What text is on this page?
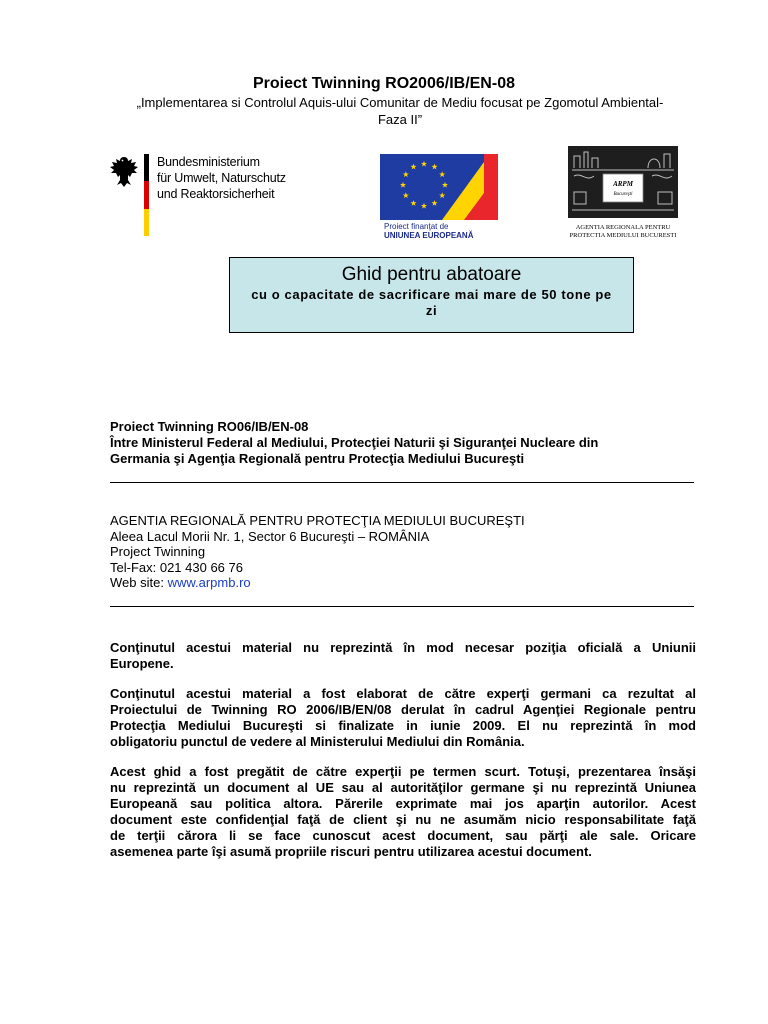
Proiect Twinning RO2006/IB/EN-08
„Implementarea si Controlul Aquis-ului Comunitar de Mediu focusat pe Zgomotul Ambiental-
Faza II”
Bundesministerium
für Umwelt, Naturschutz
und Reaktorsicherheit
Proiect finanţat de
UNIUNEA EUROPEANĂ
ARPM
Bucureşti
AGENTIA REGIONALA PENTRU
PROTECTIA MEDIULUI BUCURESTI
Ghid pentru abatoare
cu o capacitate de sacrificare mai mare de 50 tone pe zi
Proiect Twinning RO06/IB/EN-08
Între Ministerul Federal al Mediului, Protecţiei Naturii şi Siguranţei Nucleare din
Germania şi Agenţia Regională pentru Protecţia Mediului Bucureşti
AGENTIA REGIONALĂ PENTRU PROTECŢIA MEDIULUI BUCUREŞTI
Aleea Lacul Morii Nr. 1, Sector 6 Bucureşti – ROMÂNIA
Project Twinning
Tel-Fax: 021 430 66 76
Web site: www.arpmb.ro
Conţinutul acestui material nu reprezintă în mod necesar poziţia oficială a Uniunii
Europene.
Conţinutul acestui material a fost elaborat de către experţi germani ca rezultat al
Proiectului de Twinning RO 2006/IB/EN/08 derulat în cadrul Agenţiei Regionale pentru
Protecţia Mediului Bucureşti si finalizate in iunie 2009. El nu reprezintă în mod
obligatoriu punctul de vedere al Ministerului Mediului din România.
Acest ghid a fost pregătit de către experţii pe termen scurt. Totuşi, prezentarea însăşi
nu reprezintă un document al UE sau al autorităţilor germane şi nu reprezintă Uniunea
Europeană sau politica altora. Părerile exprimate mai jos aparţin autorilor. Acest
document este confidenţial faţă de client şi nu ne asumăm nicio responsabilitate faţă
de terţii cărora li se face cunoscut acest document, sau părţi ale sale. Oricare
asemenea parte îşi asumă propriile riscuri pentru utilizarea acestui document.
